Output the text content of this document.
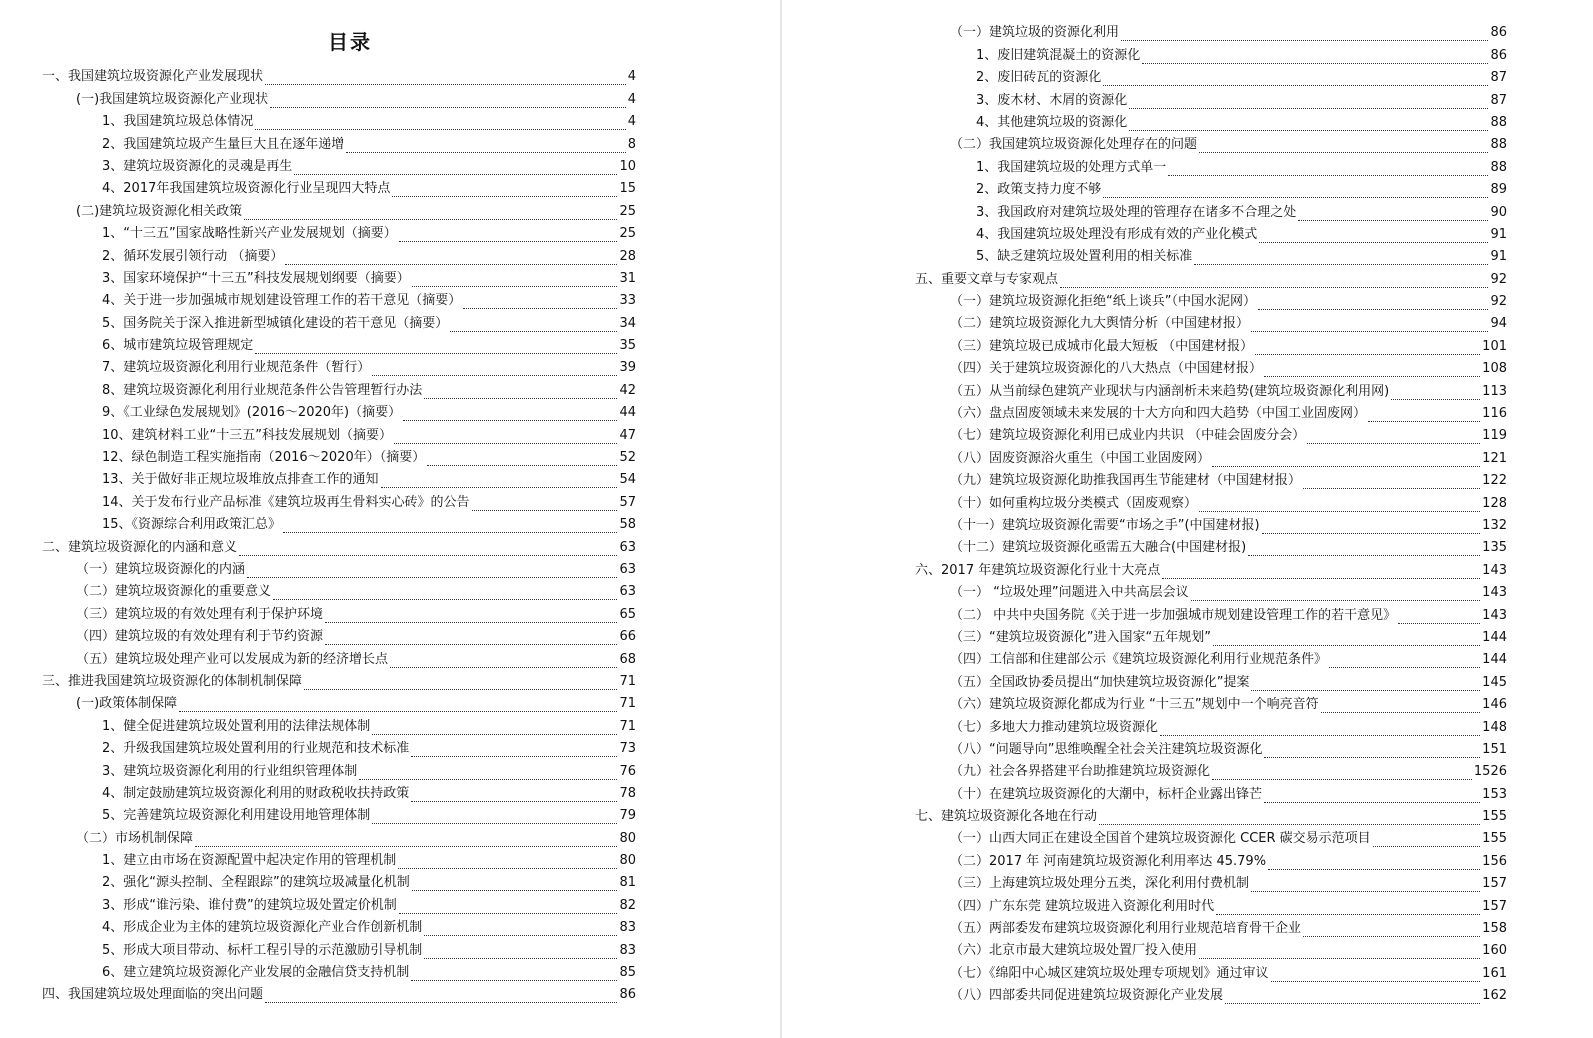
目录
一、我国建筑垃圾资源化产业发展现状	4
(一)我国建筑垃圾资源化产业现状	4
1、我国建筑垃圾总体情况	4
2、我国建筑垃圾产生量巨大且在逐年递增	8
3、建筑垃圾资源化的灵魂是再生	10
4、2017年我国建筑垃圾资源化行业呈现四大特点	15
(二)建筑垃圾资源化相关政策	25
1、“十三五”国家战略性新兴产业发展规划（摘要）	25
2、循环发展引领行动 （摘要）	28
3、国家环境保护“十三五”科技发展规划纲要（摘要）	31
4、关于进一步加强城市规划建设管理工作的若干意见（摘要）	33
5、国务院关于深入推进新型城镇化建设的若干意见（摘要）	34
6、城市建筑垃圾管理规定	35
7、建筑垃圾资源化利用行业规范条件（暂行）	39
8、建筑垃圾资源化利用行业规范条件公告管理暂行办法	42
9、《工业绿色发展规划》(2016～2020年)（摘要）	44
10、建筑材料工业“十三五”科技发展规划（摘要）	47
12、绿色制造工程实施指南（2016～2020年）（摘要）	52
13、关于做好非正规垃圾堆放点排查工作的通知	54
14、关于发布行业产品标准《建筑垃圾再生骨料实心砖》的公告	57
15、《资源综合利用政策汇总》	58
二、建筑垃圾资源化的内涵和意义	63
（一）建筑垃圾资源化的内涵	63
（二）建筑垃圾资源化的重要意义	63
（三）建筑垃圾的有效处理有利于保护环境	65
（四）建筑垃圾的有效处理有利于节约资源	66
（五）建筑垃圾处理产业可以发展成为新的经济增长点	68
三、推进我国建筑垃圾资源化的体制机制保障	71
(一)政策体制保障	71
1、健全促进建筑垃圾处置利用的法律法规体制	71
2、升级我国建筑垃圾处置利用的行业规范和技术标准	73
3、建筑垃圾资源化利用的行业组织管理体制	76
4、制定鼓励建筑垃圾资源化利用的财政税收扶持政策	78
5、完善建筑垃圾资源化利用建设用地管理体制	79
（二）市场机制保障	80
1、建立由市场在资源配置中起决定作用的管理机制	80
2、强化“源头控制、全程跟踪”的建筑垃圾减量化机制	81
3、形成“谁污染、谁付费”的建筑垃圾处置定价机制	82
4、形成企业为主体的建筑垃圾资源化产业合作创新机制	83
5、形成大项目带动、标杆工程引导的示范激励引导机制	83
6、建立建筑垃圾资源化产业发展的金融信贷支持机制	85
四、我国建筑垃圾处理面临的突出问题	86
（一）建筑垃圾的资源化利用	86
1、废旧建筑混凝土的资源化	86
2、废旧砖瓦的资源化	87
3、废木材、木屑的资源化	87
4、其他建筑垃圾的资源化	88
（二）我国建筑垃圾资源化处理存在的问题	88
1、我国建筑垃圾的处理方式单一	88
2、政策支持力度不够	89
3、我国政府对建筑垃圾处理的管理存在诸多不合理之处	90
4、我国建筑垃圾处理没有形成有效的产业化模式	91
5、缺乏建筑垃圾处置利用的相关标准	91
五、重要文章与专家观点	92
（一）建筑垃圾资源化拒绝“纸上谈兵”（中国水泥网）	92
（二）建筑垃圾资源化九大舆情分析（中国建材报）	94
（三）建筑垃圾已成城市化最大短板 （中国建材报）	101
（四）关于建筑垃圾资源化的八大热点（中国建材报）	108
（五）从当前绿色建筑产业现状与内涵剖析未来趋势(建筑垃圾资源化利用网)	113
（六）盘点固废领域未来发展的十大方向和四大趋势（中国工业固废网）	116
（七）建筑垃圾资源化利用已成业内共识 （中硅会固废分会）	119
（八）固废资源浴火重生（中国工业固废网）	121
（九）建筑垃圾资源化助推我国再生节能建材（中国建材报）	122
（十）如何重构垃圾分类模式（固废观察）	128
（十一）建筑垃圾资源化需要“市场之手”(中国建材报)	132
（十二）建筑垃圾资源化亟需五大融合(中国建材报)	135
六、2017 年建筑垃圾资源化行业十大亮点	143
（一） “垃圾处理”问题进入中共高层会议	143
（二） 中共中央国务院《关于进一步加强城市规划建设管理工作的若干意见》	143
（三）“建筑垃圾资源化”进入国家“五年规划”	144
（四）工信部和住建部公示《建筑垃圾资源化利用行业规范条件》	144
（五）全国政协委员提出“加快建筑垃圾资源化”提案	145
（六）建筑垃圾资源化都成为行业 “十三五”规划中一个响亮音符	146
（七）多地大力推动建筑垃圾资源化	148
（八）“问题导向”思维唤醒全社会关注建筑垃圾资源化	151
（九）社会各界搭建平台助推建筑垃圾资源化	1526
（十）在建筑垃圾资源化的大潮中，标杆企业露出锋芒	153
七、建筑垃圾资源化各地在行动	155
（一）山西大同正在建设全国首个建筑垃圾资源化 CCER 碳交易示范项目	155
（二）2017 年 河南建筑垃圾资源化利用率达 45.79%	156
（三）上海建筑垃圾处理分五类，深化利用付费机制	157
（四）广东东莞 建筑垃圾进入资源化利用时代	157
（五）两部委发布建筑垃圾资源化利用行业规范培育骨干企业	158
（六）北京市最大建筑垃圾处置厂投入使用	160
（七）《绵阳中心城区建筑垃圾处理专项规划》通过审议	161
（八）四部委共同促进建筑垃圾资源化产业发展	162
